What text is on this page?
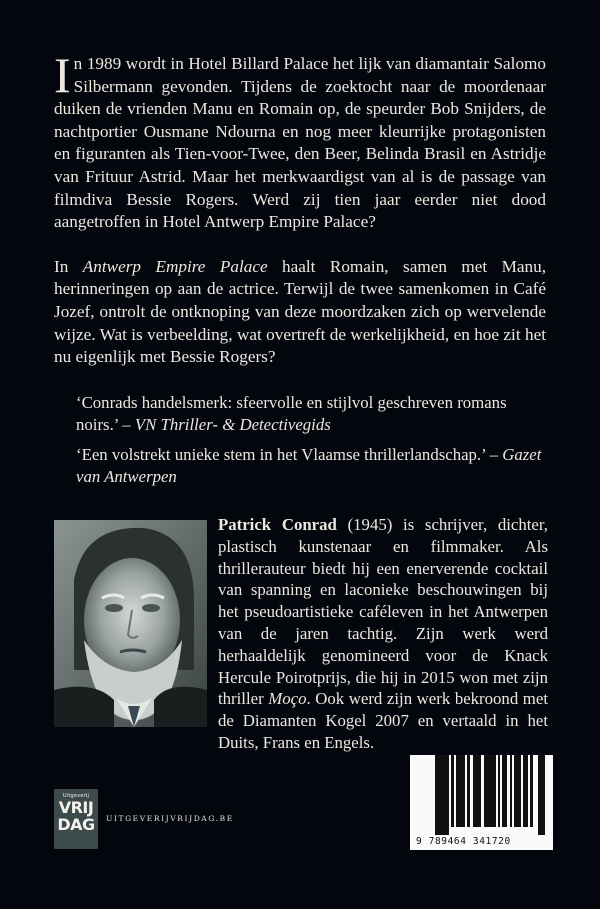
In 1989 wordt in Hotel Billard Palace het lijk van diamantair Salomo Silbermann gevonden. Tijdens de zoektocht naar de moordenaar duiken de vrienden Manu en Romain op, de speurder Bob Snijders, de nachtportier Ousmane Ndourna en nog meer kleurrijke protagonisten en figuranten als Tien-voor-Twee, den Beer, Belinda Brasil en Astridje van Frituur Astrid. Maar het merkwaardigst van al is de passage van filmdiva Bessie Rogers. Werd zij tien jaar eerder niet dood aangetroffen in Hotel Antwerp Empire Palace?

In Antwerp Empire Palace haalt Romain, samen met Manu, herinneringen op aan de actrice. Terwijl de twee samenkomen in Café Jozef, ontrolt de ontknoping van deze moordzaken zich op wervelende wijze. Wat is verbeelding, wat overtreft de werkelijkheid, en hoe zit het nu eigenlijk met Bessie Rogers?

‘Conrads handelsmerk: sfeervolle en stijlvol geschreven romans noirs.’ – VN Thriller- & Detectivegids

‘Een volstrekt unieke stem in het Vlaamse thrillerlandschap.’ – Gazet van Antwerpen

Patrick Conrad (1945) is schrijver, dichter, plastisch kunstenaar en filmmaker. Als thrillerauteur biedt hij een enerverende cocktail van spanning en laconieke beschouwingen bij het pseudoartistieke caféleven in het Antwerpen van de jaren tachtig. Zijn werk werd herhaaldelijk genomineerd voor de Knack Hercule Poirotprijs, die hij in 2015 won met zijn thriller Moço. Ook werd zijn werk bekroond met de Diamanten Kogel 2007 en vertaald in het Duits, Frans en Engels.
Uitgeverij
VRIJ
DAG	UITGEVERIJVRIJDAG.BE
9 789464 341720
